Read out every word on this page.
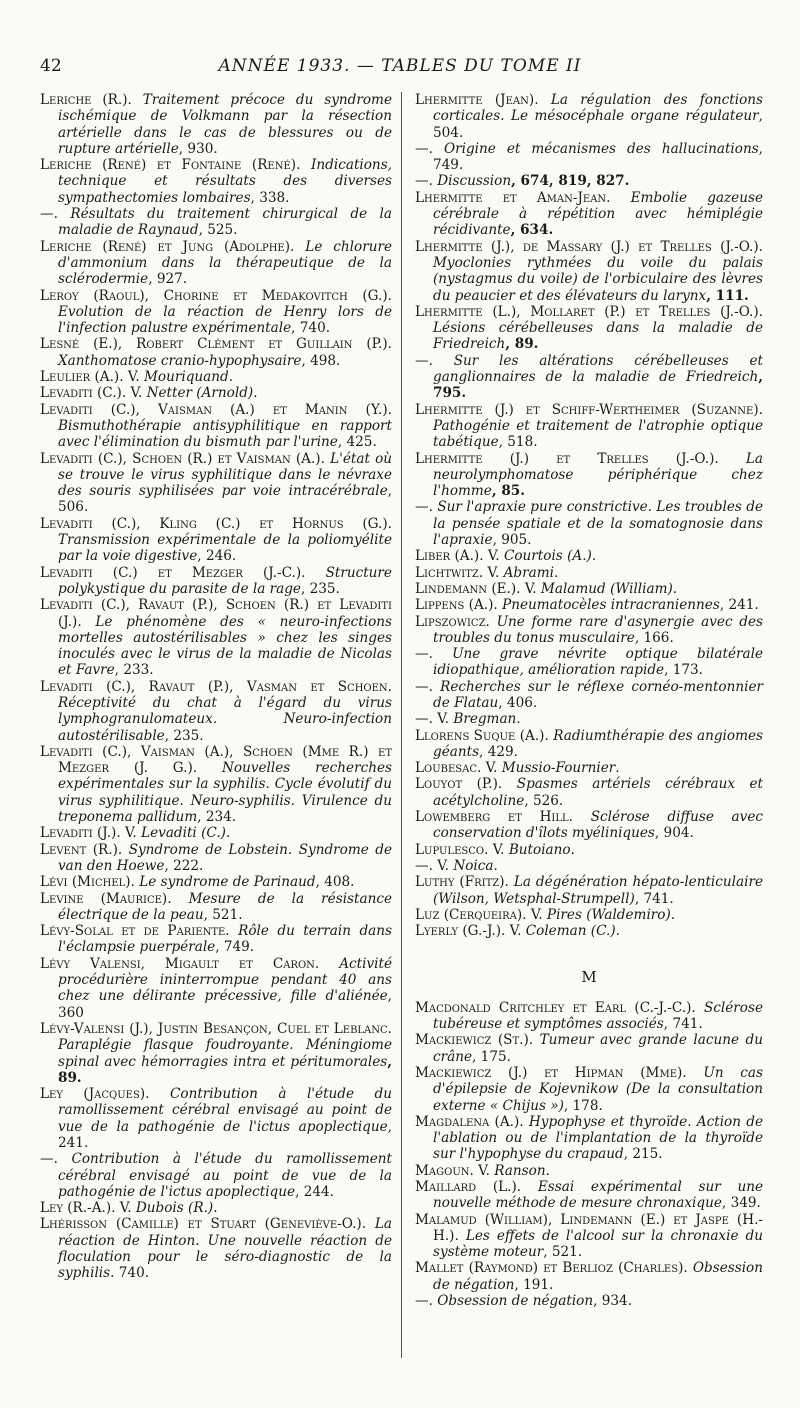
42	ANNÉE 1933. — TABLES DU TOME II

Leriche (R.). Traitement précoce du syndrome ischémique de Volkmann par la résection artérielle dans le cas de blessures ou de rupture artérielle, 930.

Leriche (René) et Fontaine (René). Indications, technique et résultats des diverses sympathectomies lombaires, 338.

—. Résultats du traitement chirurgical de la maladie de Raynaud, 525.

Leriche (René) et Jung (Adolphe). Le chlorure d'ammonium dans la thérapeutique de la sclérodermie, 927.

Leroy (Raoul), Chorine et Medakovitch (G.). Evolution de la réaction de Henry lors de l'infection palustre expérimentale, 740.

Lesné (E.), Robert Clément et Guillain (P.). Xanthomatose cranio-hypophysaire, 498.

Leulier (A.). V. Mouriquand.

Levaditi (C.). V. Netter (Arnold).

Levaditi (C.), Vaisman (A.) et Manin (Y.). Bismuthothérapie antisyphilitique en rapport avec l'élimination du bismuth par l'urine, 425.

Levaditi (C.), Schoen (R.) et Vaisman (A.). L'état où se trouve le virus syphilitique dans le névraxe des souris syphilisées par voie intracérébrale, 506.

Levaditi (C.), Kling (C.) et Hornus (G.). Transmission expérimentale de la poliomyélite par la voie digestive, 246.

Levaditi (C.) et Mezger (J.-C.). Structure polykystique du parasite de la rage, 235.

Levaditi (C.), Ravaut (P.), Schoen (R.) et Levaditi (J.). Le phénomène des « neuro-infections mortelles autostérilisables » chez les singes inoculés avec le virus de la maladie de Nicolas et Favre, 233.

Levaditi (C.), Ravaut (P.), Vasman et Schoen. Réceptivité du chat à l'égard du virus lymphogranulomateux. Neuro-infection autostérilisable, 235.

Levaditi (C.), Vaisman (A.), Schoen (Mme R.) et Mezger (J. G.). Nouvelles recherches expérimentales sur la syphilis. Cycle évolutif du virus syphilitique. Neuro-syphilis. Virulence du treponema pallidum, 234.

Levaditi (J.). V. Levaditi (C.).

Levent (R.). Syndrome de Lobstein. Syndrome de van den Hoewe, 222.

Lévi (Michel). Le syndrome de Parinaud, 408.

Levine (Maurice). Mesure de la résistance électrique de la peau, 521.

Lévy-Solal et de Pariente. Rôle du terrain dans l'éclampsie puerpérale, 749.

Lévy Valensi, Migault et Caron. Activité procédurière ininterrompue pendant 40 ans chez une délirante précessive, fille d'aliénée, 360

Lévy-Valensi (J.), Justin Besançon, Cuel et Leblanc. Paraplégie flasque foudroyante. Méningiome spinal avec hémorragies intra et péritumorales, 89.

Ley (Jacques). Contribution à l'étude du ramollissement cérébral envisagé au point de vue de la pathogénie de l'ictus apoplectique, 241.

—. Contribution à l'étude du ramollissement cérébral envisagé au point de vue de la pathogénie de l'ictus apoplectique, 244.

Ley (R.-A.). V. Dubois (R.).

Lhérisson (Camille) et Stuart (Geneviève-O.). La réaction de Hinton. Une nouvelle réaction de floculation pour le séro-diagnostic de la syphilis. 740.

Lhermitte (Jean). La régulation des fonctions corticales. Le mésocéphale organe régulateur, 504.

—. Origine et mécanismes des hallucinations, 749.

—. Discussion, 674, 819, 827.

Lhermitte et Aman-Jean. Embolie gazeuse cérébrale à répétition avec hémiplégie récidivante, 634.

Lhermitte (J.), de Massary (J.) et Trelles (J.-O.). Myoclonies rythmées du voile du palais (nystagmus du voile) de l'orbiculaire des lèvres du peaucier et des élévateurs du larynx, 111.

Lhermitte (L.), Mollaret (P.) et Trelles (J.-O.). Lésions cérébelleuses dans la maladie de Friedreich, 89.

—. Sur les altérations cérébelleuses et ganglionnaires de la maladie de Friedreich, 795.

Lhermitte (J.) et Schiff-Wertheimer (Suzanne). Pathogénie et traitement de l'atrophie optique tabétique, 518.

Lhermitte (J.) et Trelles (J.-O.). La neurolymphomatose périphérique chez l'homme, 85.

—. Sur l'apraxie pure constrictive. Les troubles de la pensée spatiale et de la somatognosie dans l'apraxie, 905.

Liber (A.). V. Courtois (A.).

Lichtwitz. V. Abrami.

Lindemann (E.). V. Malamud (William).

Lippens (A.). Pneumatocèles intracraniennes, 241.

Lipszowicz. Une forme rare d'asynergie avec des troubles du tonus musculaire, 166.

—. Une grave névrite optique bilatérale idiopathique, amélioration rapide, 173.

—. Recherches sur le réflexe cornéo-mentonnier de Flatau, 406.

—. V. Bregman.

Llorens Suque (A.). Radiumthérapie des angiomes géants, 429.

Loubesac. V. Mussio-Fournier.

Louyot (P.). Spasmes artériels cérébraux et acétylcholine, 526.

Lowemberg et Hill. Sclérose diffuse avec conservation d'îlots myéliniques, 904.

Lupulesco. V. Butoiano.

—. V. Noica.

Luthy (Fritz). La dégénération hépato-lenticulaire (Wilson, Wetsphal-Strumpell), 741.

Luz (Cerqueira). V. Pires (Waldemiro).

Lyerly (G.-J.). V. Coleman (C.).

M

Macdonald Critchley et Earl (C.-J.-C.). Sclérose tubéreuse et symptômes associés, 741.

Mackiewicz (St.). Tumeur avec grande lacune du crâne, 175.

Mackiewicz (J.) et Hipman (Mme). Un cas d'épilepsie de Kojevnikow (De la consultation externe « Chijus »), 178.

Magdalena (A.). Hypophyse et thyroïde. Action de l'ablation ou de l'implantation de la thyroïde sur l'hypophyse du crapaud, 215.

Magoun. V. Ranson.

Maillard (L.). Essai expérimental sur une nouvelle méthode de mesure chronaxique, 349.

Malamud (William), Lindemann (E.) et Jaspe (H.-H.). Les effets de l'alcool sur la chronaxie du système moteur, 521.

Mallet (Raymond) et Berlioz (Charles). Obsession de négation, 191.

—. Obsession de négation, 934.
